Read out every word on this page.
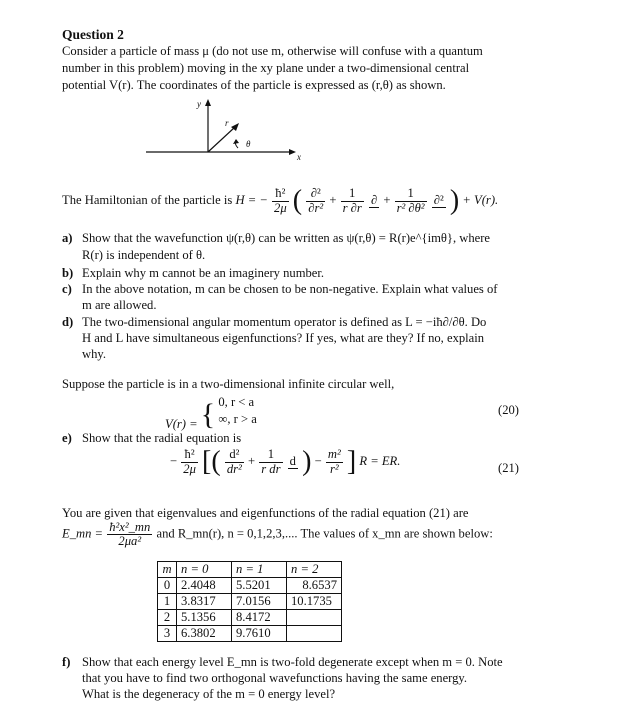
Question 2
Consider a particle of mass μ (do not use m, otherwise will confuse with a quantum
number in this problem) moving in the xy plane under a two-dimensional central
potential V(r). The coordinates of the particle is expressed as (r,θ) as shown.
y
x
r
θ
The Hamiltonian of the particle is H = − $\frac{\text{ħ²}}{2\mu}$ ( $\frac{\text{∂²}}{\text{∂r²}} + \frac{1}{r \partial r}$
∂ + $\frac{1}{\text{r² ∂θ²}}$
∂² ) + V(r).
a) Show that the wavefunction ψ(r,θ) can be written as ψ(r,θ) = R(r)e^{imθ}, where
R(r) is independent of θ.
b) Explain why m cannot be an imaginery number.
c) In the above notation, m can be chosen to be non-negative. Explain what values of
m are allowed.
d) The two-dimensional angular momentum operator is defined as L = −iħ∂/∂θ. Do
H and L have simultaneous eigenfunctions? If yes, what are they? If no, explain
why.
Suppose the particle is in a two-dimensional infinite circular well,
V(r) = { 0, r < a
∞, r > a
(20)
e) Show that the radial equation is
− $\frac{\text{ħ²}}{2\mu}$ [( $\frac{\text{d²}}{\text{dr²}} + \frac{1}{\text{r dr}}$
d ) − $\frac{\text{m²}}{\text{r²}}$ ] R = ER.
(21)
You are given that eigenvalues and eigenfunctions of the radial equation (21) are
E_mn = $\frac{\text{ħ²x²\_mn}}{\text{2μa²}}$ and R_mn(r), n = 0,1,2,3,.... The values of x_mn are shown below:
m	n = 0	n = 1	n = 2
0	2.4048	5.5201	8.6537
1	3.8317	7.0156	10.1735
2	5.1356	8.4172	
3	6.3802	9.7610	
f) Show that each energy level E_mn is two-fold degenerate except when m = 0. Note
that you have to find two orthogonal wavefunctions having the same energy.
What is the degeneracy of the m = 0 energy level?
